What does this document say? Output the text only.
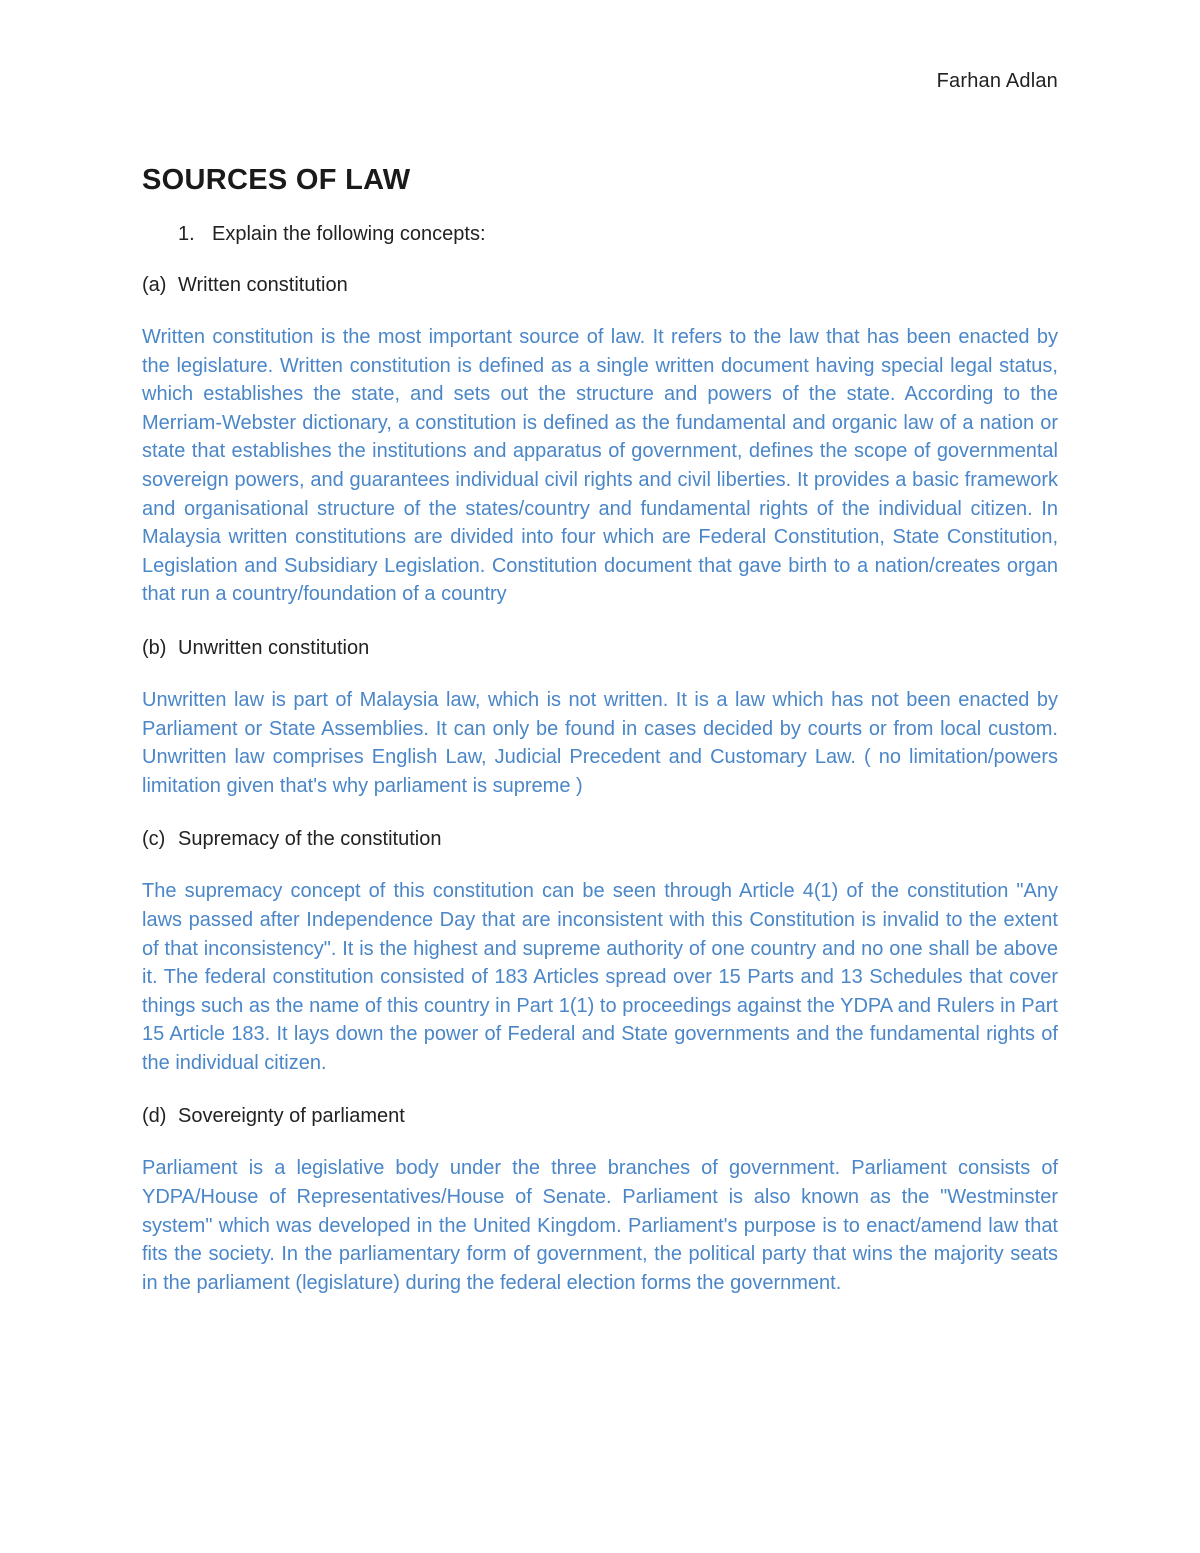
Farhan Adlan
SOURCES OF LAW
1. Explain the following concepts:
(a) Written constitution

Written constitution is the most important source of law. It refers to the law that has been enacted by the legislature. Written constitution is defined as a single written document having special legal status, which establishes the state, and sets out the structure and powers of the state. According to the Merriam-Webster dictionary, a constitution is defined as the fundamental and organic law of a nation or state that establishes the institutions and apparatus of government, defines the scope of governmental sovereign powers, and guarantees individual civil rights and civil liberties. It provides a basic framework and organisational structure of the states/country and fundamental rights of the individual citizen. In Malaysia written constitutions are divided into four which are Federal Constitution, State Constitution, Legislation and Subsidiary Legislation. Constitution document that gave birth to a nation/creates organ that run a country/foundation of a country

(b) Unwritten constitution

Unwritten law is part of Malaysia law, which is not written. It is a law which has not been enacted by Parliament or State Assemblies. It can only be found in cases decided by courts or from local custom. Unwritten law comprises English Law, Judicial Precedent and Customary Law. ( no limitation/powers limitation given that's why parliament is supreme )

(c) Supremacy of the constitution

The supremacy concept of this constitution can be seen through Article 4(1) of the constitution "Any laws passed after Independence Day that are inconsistent with this Constitution is invalid to the extent of that inconsistency". It is the highest and supreme authority of one country and no one shall be above it. The federal constitution consisted of 183 Articles spread over 15 Parts and 13 Schedules that cover things such as the name of this country in Part 1(1) to proceedings against the YDPA and Rulers in Part 15 Article 183. It lays down the power of Federal and State governments and the fundamental rights of the individual citizen.

(d) Sovereignty of parliament

Parliament is a legislative body under the three branches of government. Parliament consists of YDPA/House of Representatives/House of Senate. Parliament is also known as the "Westminster system" which was developed in the United Kingdom. Parliament's purpose is to enact/amend law that fits the society. In the parliamentary form of government, the political party that wins the majority seats in the parliament (legislature) during the federal election forms the government.
